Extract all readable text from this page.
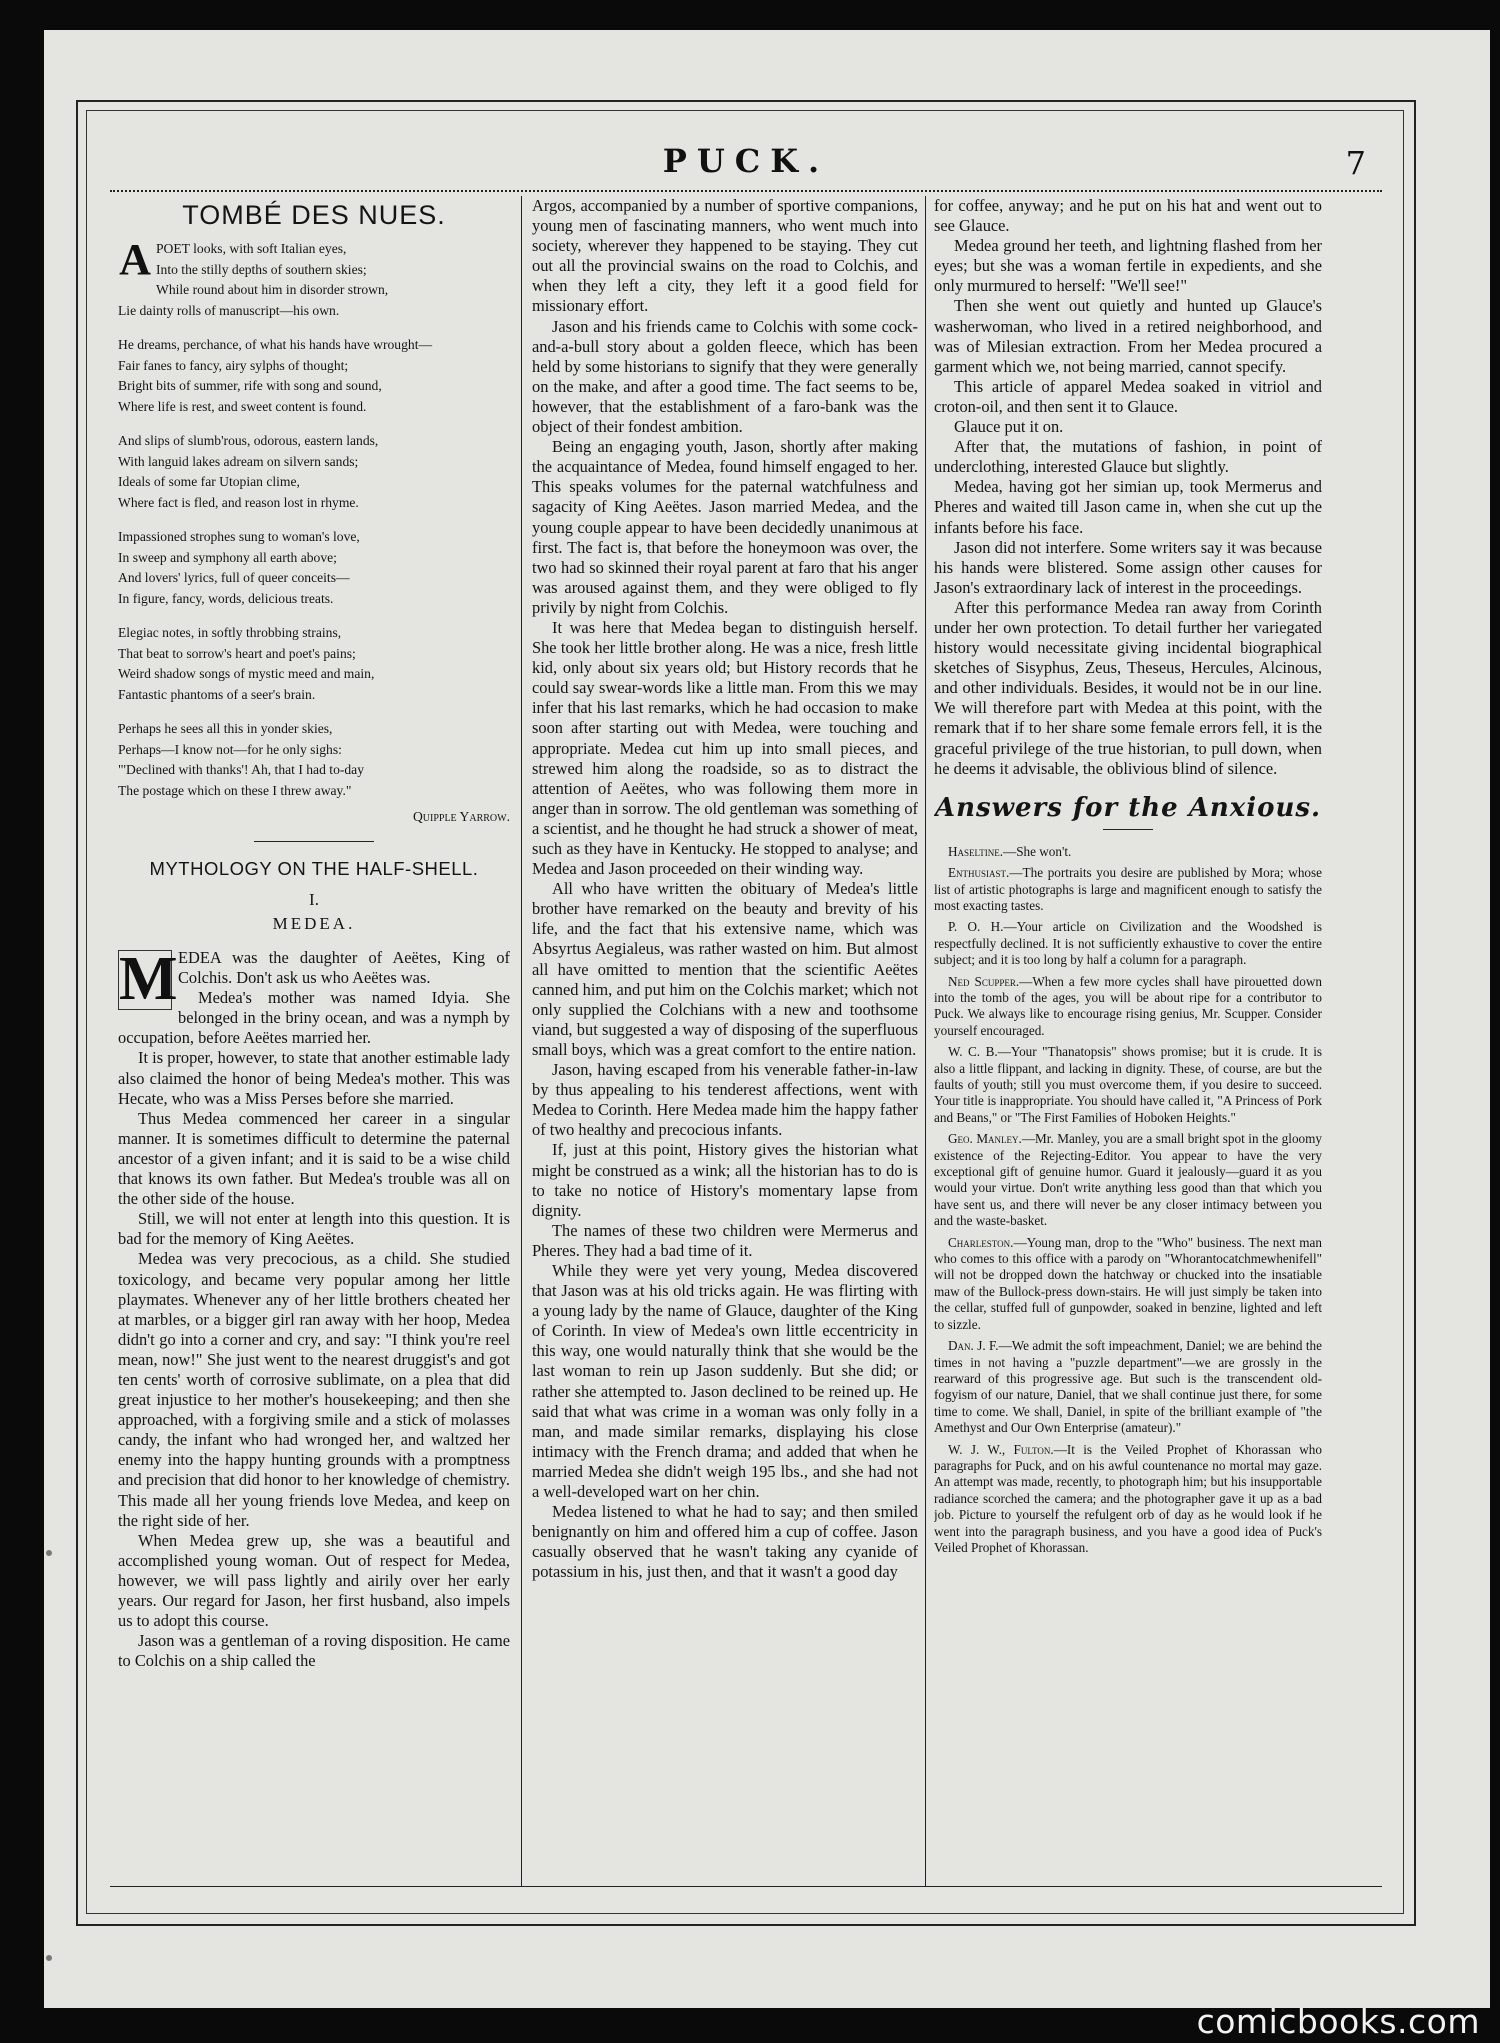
PUCK.	7
TOMBÉ DES NUES.
A POET looks, with soft Italian eyes,
Into the stilly depths of southern skies;
While round about him in disorder strown,
Lie dainty rolls of manuscript—his own.
He dreams, perchance, of what his hands have wrought—
Fair fanes to fancy, airy sylphs of thought;
Bright bits of summer, rife with song and sound,
Where life is rest, and sweet content is found.
And slips of slumb'rous, odorous, eastern lands,
With languid lakes adream on silvern sands;
Ideals of some far Utopian clime,
Where fact is fled, and reason lost in rhyme.
Impassioned strophes sung to woman's love,
In sweep and symphony all earth above;
And lovers' lyrics, full of queer conceits—
In figure, fancy, words, delicious treats.
Elegiac notes, in softly throbbing strains,
That beat to sorrow's heart and poet's pains;
Weird shadow songs of mystic meed and main,
Fantastic phantoms of a seer's brain.
Perhaps he sees all this in yonder skies,
Perhaps—I know not—for he only sighs:
"'Declined with thanks'! Ah, that I had to-day
The postage which on these I threw away."
Quipple Yarrow.
MYTHOLOGY ON THE HALF-SHELL.
I.
MEDEA.

M EDEA was the daughter of Aeëtes, King of Colchis. Don't ask us who Aeëtes was.

Medea's mother was named Idyia. She belonged in the briny ocean, and was a nymph by occupation, before Aeëtes married her.

It is proper, however, to state that another estimable lady also claimed the honor of being Medea's mother. This was Hecate, who was a Miss Perses before she married.

Thus Medea commenced her career in a singular manner. It is sometimes difficult to determine the paternal ancestor of a given infant; and it is said to be a wise child that knows its own father. But Medea's trouble was all on the other side of the house.

Still, we will not enter at length into this question. It is bad for the memory of King Aeëtes.

Medea was very precocious, as a child. She studied toxicology, and became very popular among her little playmates. Whenever any of her little brothers cheated her at marbles, or a bigger girl ran away with her hoop, Medea didn't go into a corner and cry, and say: "I think you're reel mean, now!" She just went to the nearest druggist's and got ten cents' worth of corrosive sublimate, on a plea that did great injustice to her mother's housekeeping; and then she approached, with a forgiving smile and a stick of molasses candy, the infant who had wronged her, and waltzed her enemy into the happy hunting grounds with a promptness and precision that did honor to her knowledge of chemistry. This made all her young friends love Medea, and keep on the right side of her.

When Medea grew up, she was a beautiful and accomplished young woman. Out of respect for Medea, however, we will pass lightly and airily over her early years. Our regard for Jason, her first husband, also impels us to adopt this course.

Jason was a gentleman of a roving disposition. He came to Colchis on a ship called the

Argos, accompanied by a number of sportive companions, young men of fascinating manners, who went much into society, wherever they happened to be staying. They cut out all the provincial swains on the road to Colchis, and when they left a city, they left it a good field for missionary effort.

Jason and his friends came to Colchis with some cock-and-a-bull story about a golden fleece, which has been held by some historians to signify that they were generally on the make, and after a good time. The fact seems to be, however, that the establishment of a faro-bank was the object of their fondest ambition.

Being an engaging youth, Jason, shortly after making the acquaintance of Medea, found himself engaged to her. This speaks volumes for the paternal watchfulness and sagacity of King Aeëtes. Jason married Medea, and the young couple appear to have been decidedly unanimous at first. The fact is, that before the honeymoon was over, the two had so skinned their royal parent at faro that his anger was aroused against them, and they were obliged to fly privily by night from Colchis.

It was here that Medea began to distinguish herself. She took her little brother along. He was a nice, fresh little kid, only about six years old; but History records that he could say swear-words like a little man. From this we may infer that his last remarks, which he had occasion to make soon after starting out with Medea, were touching and appropriate. Medea cut him up into small pieces, and strewed him along the roadside, so as to distract the attention of Aeëtes, who was following them more in anger than in sorrow. The old gentleman was something of a scientist, and he thought he had struck a shower of meat, such as they have in Kentucky. He stopped to analyse; and Medea and Jason proceeded on their winding way.

All who have written the obituary of Medea's little brother have remarked on the beauty and brevity of his life, and the fact that his extensive name, which was Absyrtus Aegialeus, was rather wasted on him. But almost all have omitted to mention that the scientific Aeëtes canned him, and put him on the Colchis market; which not only supplied the Colchians with a new and toothsome viand, but suggested a way of disposing of the superfluous small boys, which was a great comfort to the entire nation.

Jason, having escaped from his venerable father-in-law by thus appealing to his tenderest affections, went with Medea to Corinth. Here Medea made him the happy father of two healthy and precocious infants.

If, just at this point, History gives the historian what might be construed as a wink; all the historian has to do is to take no notice of History's momentary lapse from dignity.

The names of these two children were Mermerus and Pheres. They had a bad time of it.

While they were yet very young, Medea discovered that Jason was at his old tricks again. He was flirting with a young lady by the name of Glauce, daughter of the King of Corinth. In view of Medea's own little eccentricity in this way, one would naturally think that she would be the last woman to rein up Jason suddenly. But she did; or rather she attempted to. Jason declined to be reined up. He said that what was crime in a woman was only folly in a man, and made similar remarks, displaying his close intimacy with the French drama; and added that when he married Medea she didn't weigh 195 lbs., and she had not a well-developed wart on her chin.

Medea listened to what he had to say; and then smiled benignantly on him and offered him a cup of coffee. Jason casually observed that he wasn't taking any cyanide of potassium in his, just then, and that it wasn't a good day

for coffee, anyway; and he put on his hat and went out to see Glauce.

Medea ground her teeth, and lightning flashed from her eyes; but she was a woman fertile in expedients, and she only murmured to herself: "We'll see!"

Then she went out quietly and hunted up Glauce's washerwoman, who lived in a retired neighborhood, and was of Milesian extraction. From her Medea procured a garment which we, not being married, cannot specify.

This article of apparel Medea soaked in vitriol and croton-oil, and then sent it to Glauce.

Glauce put it on.

After that, the mutations of fashion, in point of underclothing, interested Glauce but slightly.

Medea, having got her simian up, took Mermerus and Pheres and waited till Jason came in, when she cut up the infants before his face.

Jason did not interfere. Some writers say it was because his hands were blistered. Some assign other causes for Jason's extraordinary lack of interest in the proceedings.

After this performance Medea ran away from Corinth under her own protection. To detail further her variegated history would necessitate giving incidental biographical sketches of Sisyphus, Zeus, Theseus, Hercules, Alcinous, and other individuals. Besides, it would not be in our line. We will therefore part with Medea at this point, with the remark that if to her share some female errors fell, it is the graceful privilege of the true historian, to pull down, when he deems it advisable, the oblivious blind of silence.

Answers for the Anxious.

Haseltine.—She won't.

Enthusiast.—The portraits you desire are published by Mora; whose list of artistic photographs is large and magnificent enough to satisfy the most exacting tastes.

P. O. H.—Your article on Civilization and the Woodshed is respectfully declined. It is not sufficiently exhaustive to cover the entire subject; and it is too long by half a column for a paragraph.

Ned Scupper.—When a few more cycles shall have pirouetted down into the tomb of the ages, you will be about ripe for a contributor to Puck. We always like to encourage rising genius, Mr. Scupper. Consider yourself encouraged.

W. C. B.—Your "Thanatopsis" shows promise; but it is crude. It is also a little flippant, and lacking in dignity. These, of course, are but the faults of youth; still you must overcome them, if you desire to succeed. Your title is inappropriate. You should have called it, "A Princess of Pork and Beans," or "The First Families of Hoboken Heights."

Geo. Manley.—Mr. Manley, you are a small bright spot in the gloomy existence of the Rejecting-Editor. You appear to have the very exceptional gift of genuine humor. Guard it jealously—guard it as you would your virtue. Don't write anything less good than that which you have sent us, and there will never be any closer intimacy between you and the waste-basket.

Charleston.—Young man, drop to the "Who" business. The next man who comes to this office with a parody on "Whorantocatchmewhenifell" will not be dropped down the hatchway or chucked into the insatiable maw of the Bullock-press down-stairs. He will just simply be taken into the cellar, stuffed full of gunpowder, soaked in benzine, lighted and left to sizzle.

Dan. J. F.—We admit the soft impeachment, Daniel; we are behind the times in not having a "puzzle department"—we are grossly in the rearward of this progressive age. But such is the transcendent old-fogyism of our nature, Daniel, that we shall continue just there, for some time to come. We shall, Daniel, in spite of the brilliant example of "the Amethyst and Our Own Enterprise (amateur)."

W. J. W., Fulton.—It is the Veiled Prophet of Khorassan who paragraphs for Puck, and on his awful countenance no mortal may gaze. An attempt was made, recently, to photograph him; but his insupportable radiance scorched the camera; and the photographer gave it up as a bad job. Picture to yourself the refulgent orb of day as he would look if he went into the paragraph business, and you have a good idea of Puck's Veiled Prophet of Khorassan.

comicbooks.com
